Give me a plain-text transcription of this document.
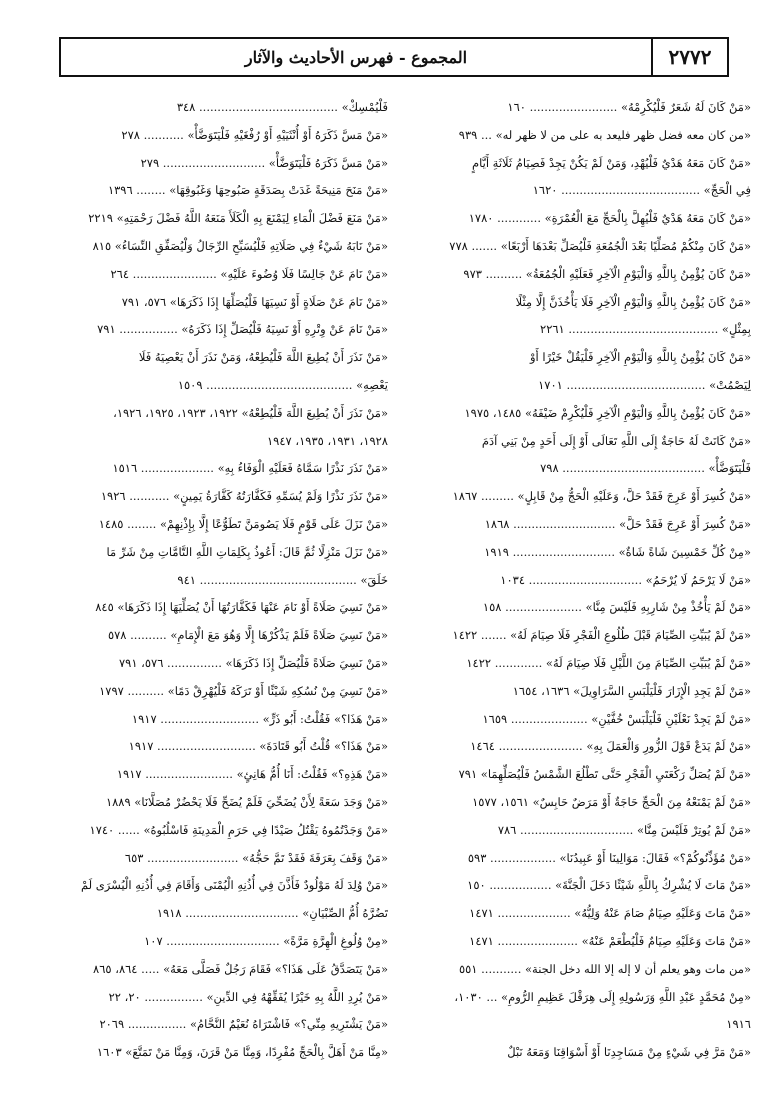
٢٧٧٢
المجموع - فهرس الأحاديث والآثار
«مَنْ كَانَ لَهُ شَعَرٌ فَلْيُكْرِمْهُ» ........................ ١٦٠
«من كان معه فضل ظهر فليعد به على من لا ظهر له» ... ٩٣٩
«مَنْ كَانَ مَعَهُ هَدْيٌ فَلْيُهْدِ، وَمَنْ لَمْ يَكُنْ يَجِدْ فَصِيَامُ ثَلَاثَةِ أَيَّامٍ
فِي الْحَجِّ» ...................................... ١٦٢٠
«مَنْ كَانَ مَعَهُ هَدْيٌ فَلْيُهِلَّ بِالْحَجِّ مَعَ الْعُمْرَةِ» ............ ١٧٨٠
«مَنْ كَانَ مِنْكُمْ مُصَلِّيًا بَعْدَ الْجُمُعَةِ فَلْيُصَلِّ بَعْدَهَا أَرْبَعًا» ....... ٧٧٨
«مَنْ كَانَ يُؤْمِنُ بِاللَّهِ وَالْيَوْمِ الْآخِرِ فَعَلَيْهِ الْجُمُعَةُ» .......... ٩٧٣
«مَنْ كَانَ يُؤْمِنُ بِاللَّهِ وَالْيَوْمِ الْآخِرِ فَلَا يَأْخُذَنَّ إِلَّا مِثْلًا
بِمِثْلٍ» ......................................... ٢٢٦١
«مَنْ كَانَ يُؤْمِنُ بِاللَّهِ وَالْيَوْمِ الْآخِرِ فَلْيَقُلْ خَيْرًا أَوْ
لِيَصْمُتْ» ...................................... ١٧٠١
«مَنْ كَانَ يُؤْمِنُ بِاللَّهِ وَالْيَوْمِ الْآخِرِ فَلْيُكْرِمْ ضَيْفَهُ» ١٤٨٥، ١٩٧٥
«مَنْ كَانَتْ لَهُ حَاجَةٌ إِلَى اللَّهِ تَعَالَى أَوْ إِلَى أَحَدٍ مِنْ بَنِي آدَمَ
فَلْيَتَوَضَّأْ» ....................................... ٧٩٨
«مَنْ كُسِرَ أَوْ عَرِجَ فَقَدْ حَلَّ، وَعَلَيْهِ الْحَجُّ مِنْ قَابِلٍ» ......... ١٨٦٧
«مَنْ كُسِرَ أَوْ عَرِجَ فَقَدْ حَلَّ» ............................ ١٨٦٨
«مِنْ كُلِّ خَمْسِينَ شَاةً شَاةٌ» ............................ ١٩١٩
«مَنْ لَا يَرْحَمُ لَا يُرْحَمُ» ............................... ١٠٣٤
«مَنْ لَمْ يَأْخُذْ مِنْ شَارِبِهِ فَلَيْسَ مِنَّا» ..................... ١٥٨
«مَنْ لَمْ يُبَيِّتِ الصِّيَامَ قَبْلَ طُلُوعِ الْفَجْرِ فَلَا صِيَامَ لَهُ» ....... ١٤٢٢
«مَنْ لَمْ يُبَيِّتِ الصِّيَامَ مِنَ اللَّيْلِ فَلَا صِيَامَ لَهُ» ............. ١٤٢٢
«مَنْ لَمْ يَجِدِ الْإِزَارَ فَلْيَلْبَسِ السَّرَاوِيلَ» ١٦٣٦، ١٦٥٤
«مَنْ لَمْ يَجِدْ نَعْلَيْنِ فَلْيَلْبَسْ خُفَّيْنِ» ..................... ١٦٥٩
«مَنْ لَمْ يَدَعْ قَوْلَ الزُّورِ وَالْعَمَلَ بِهِ» ....................... ١٤٦٤
«مَنْ لَمْ يُصَلِّ رَكْعَتَيِ الْفَجْرِ حَتَّى تَطْلُعَ الشَّمْسُ فَلْيُصَلِّهِمَا» ٧٩١
«مَنْ لَمْ يَمْنَعْهُ مِنَ الْحَجِّ حَاجَةٌ أَوْ مَرَضٌ حَابِسٌ» ١٥٦١، ١٥٧٧
«مَنْ لَمْ يُوتِرْ فَلَيْسَ مِنَّا» ............................... ٧٨٦
«مَنْ مُؤَذِّنُوكُمْ؟» فَقَالَ: مَوَالِينَا أَوْ عَبِيدُنَا» .................. ٥٩٣
«مَنْ مَاتَ لَا يُشْرِكُ بِاللَّهِ شَيْئًا دَخَلَ الْجَنَّةَ» ................. ١٥٠
«مَنْ مَاتَ وَعَلَيْهِ صِيَامٌ صَامَ عَنْهُ وَلِيُّهُ» .................... ١٤٧١
«مَنْ مَاتَ وَعَلَيْهِ صِيَامٌ فَلْيُطْعَمْ عَنْهُ» ...................... ١٤٧١
«من مات وهو يعلم أن لا إله إلا الله دخل الجنة» ........... ٥٥١
«مِنْ مُحَمَّدٍ عَبْدِ اللَّهِ وَرَسُولِهِ إِلَى هِرَقْلَ عَظِيمِ الرُّومِ» ... ١٠٣٠،
١٩١٦
«مَنْ مَرَّ فِي شَيْءٍ مِنْ مَسَاجِدِنَا أَوْ أَسْوَاقِنَا وَمَعَهُ نَبْلٌ
فَلْيُمْسِكْ» ...................................... ٣٤٨
«مَنْ مَسَّ ذَكَرَهُ أَوْ أُنْثَيَيْهِ أَوْ رُفْغَيْهِ فَلْيَتَوَضَّأْ» ........... ٢٧٨
«مَنْ مَسَّ ذَكَرَهُ فَلْيَتَوَضَّأْ» ............................ ٢٧٩
«مَنْ مَنَحَ مَنِيحَةً غَدَتْ بِصَدَقَةٍ صَبُوحِهَا وَغَبُوقِهَا» ........ ١٣٩٦
«مَنْ مَنَعَ فَضْلَ الْمَاءِ لِيَمْنَعَ بِهِ الْكَلَأَ مَنَعَهُ اللَّهُ فَضْلَ رَحْمَتِهِ» ٢٢١٩
«مَنْ نَابَهُ شَيْءٌ فِي صَلَاتِهِ فَلْيُسَبِّحِ الرِّجَالُ وَلْيُصَفِّقِ النِّسَاءُ» ٨١٥
«مَنْ نَامَ عَنْ جَالِسًا فَلَا وُضُوءَ عَلَيْهِ» ....................... ٢٦٤
«مَنْ نَامَ عَنْ صَلَاةٍ أَوْ نَسِيَهَا فَلْيُصَلِّهَا إِذَا ذَكَرَهَا» ٥٧٦، ٧٩١
«مَنْ نَامَ عَنْ وِتْرِهِ أَوْ نَسِيَهُ فَلْيُصَلِّ إِذَا ذَكَرَهُ» ................ ٧٩١
«مَنْ نَذَرَ أَنْ يُطِيعَ اللَّهَ فَلْيُطِعْهُ، وَمَنْ نَذَرَ أَنْ يَعْصِيَهُ فَلَا
يَعْصِهِ» ........................................ ١٥٠٩
«مَنْ نَذَرَ أَنْ يُطِيعَ اللَّهَ فَلْيُطِعْهُ» ١٩٢٢، ١٩٢٣، ١٩٢٥، ١٩٢٦،
١٩٢٨، ١٩٣١، ١٩٣٥، ١٩٤٧
«مَنْ نَذَرَ نَذْرًا سَمَّاهُ فَعَلَيْهِ الْوَفَاءُ بِهِ» .................... ١٥١٦
«مَنْ نَذَرَ نَذْرًا وَلَمْ يُسَمِّهِ فَكَفَّارَتُهُ كَفَّارَةُ يَمِينٍ» ........... ١٩٢٦
«مَنْ نَزَلَ عَلَى قَوْمٍ فَلَا يَصُومَنَّ تَطَوُّعًا إِلَّا بِإِذْنِهِمْ» ........ ١٤٨٥
«مَنْ نَزَلَ مَنْزِلًا ثُمَّ قَالَ: أَعُوذُ بِكَلِمَاتِ اللَّهِ التَّامَّاتِ مِنْ شَرِّ مَا
خَلَقَ» ........................................... ٩٤١
«مَنْ نَسِيَ صَلَاةً أَوْ نَامَ عَنْهَا فَكَفَّارَتُهَا أَنْ يُصَلِّيَهَا إِذَا ذَكَرَهَا» ٨٤٥
«مَنْ نَسِيَ صَلَاةً فَلَمْ يَذْكُرْهَا إِلَّا وَهُوَ مَعَ الْإِمَامِ» .......... ٥٧٨
«مَنْ نَسِيَ صَلَاةً فَلْيُصَلِّ إِذَا ذَكَرَهَا» ............... ٥٧٦، ٧٩١
«مَنْ نَسِيَ مِنْ نُسُكِهِ شَيْئًا أَوْ تَرَكَهُ فَلْيُهْرِقْ دَمًا» .......... ١٧٩٧
«مَنْ هَذَا؟» فَقُلْتُ: أَبُو ذَرٍّ» ........................... ١٩١٧
«مَنْ هَذَا؟» قُلْتُ أَبُو قَتَادَةَ» ........................... ١٩١٧
«مَنْ هَذِهِ؟» فَقُلْتُ: أَنَا أُمُّ هَانِئٍ» ........................ ١٩١٧
«مَنْ وَجَدَ سَعَةً لِأَنْ يُضَحِّيَ فَلَمْ يُضَحِّ فَلَا يَحْضُرْ مُصَلَّانَا» ١٨٨٩
«مَنْ وَجَدْتُمُوهُ يَقْتُلُ صَيْدًا فِي حَرَمِ الْمَدِينَةِ فَاسْلُبُوهُ» ...... ١٧٤٠
«مَنْ وَقَفَ بِعَرَفَةَ فَقَدْ تَمَّ حَجُّهُ» ......................... ٦٥٣
«مَنْ وُلِدَ لَهُ مَوْلُودٌ فَأَذَّنَ فِي أُذُنِهِ الْيُمْنَى وَأَقَامَ فِي أُذُنِهِ الْيُسْرَى لَمْ
تَضُرَّهُ أُمُّ الصِّبْيَانِ» ............................... ١٩١٨
«مِنْ وُلُوغِ الْهِرَّةِ مَرَّةً» ............................... ١٠٧
«مَنْ يَتَصَدَّقُ عَلَى هَذَا؟» فَقَامَ رَجُلٌ فَصَلَّى مَعَهُ» ..... ٨٦٤، ٨٦٥
«مَنْ يُرِدِ اللَّهُ بِهِ خَيْرًا يُفَقِّهْهُ فِي الدِّينِ» ................ ٢٠، ٢٢
«مَنْ يَشْتَرِيهِ مِنِّي؟» فَاشْتَرَاهُ نُعَيْمٌ النَّحَّامُ» ................ ٢٠٦٩
«مِنَّا مَنْ أَهَلَّ بِالْحَجِّ مُفْرِدًا، وَمِنَّا مَنْ قَرَنَ، وَمِنَّا مَنْ تَمَتَّعَ» ١٦٠٣
